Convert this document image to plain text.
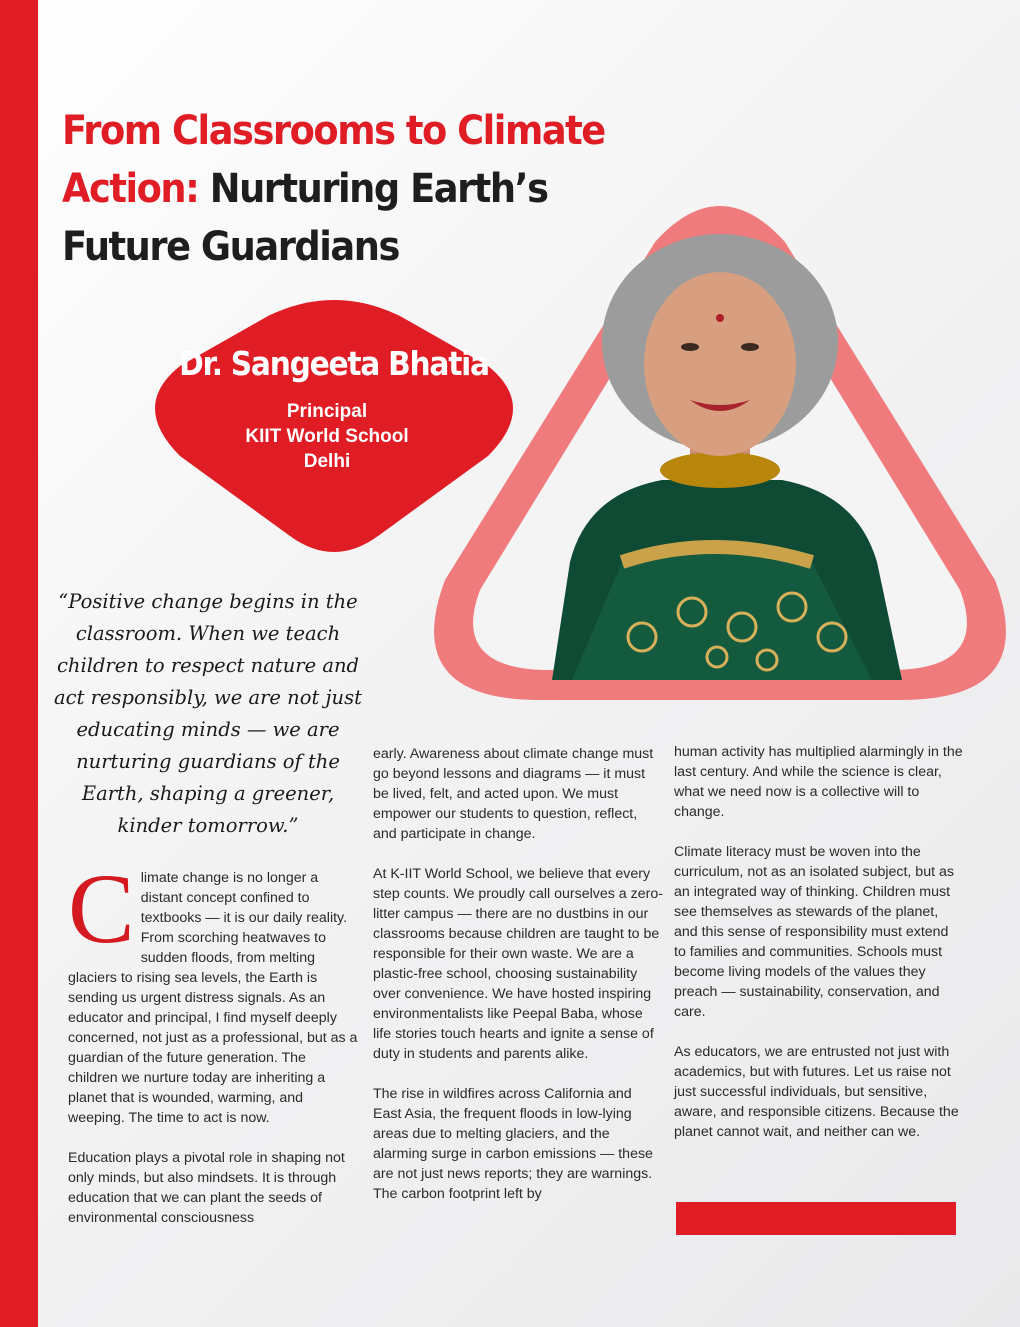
From Classrooms to Climate Action: Nurturing Earth’s Future Guardians
Dr. Sangeeta Bhatia
Principal
KIIT World School
Delhi

“Positive change begins in the classroom. When we teach children to respect nature and act responsibly, we are not just educating minds — we are nurturing guardians of the Earth, shaping a greener, kinder tomorrow.”

Climate change is no longer a distant concept confined to textbooks — it is our daily reality. From scorching heatwaves to sudden floods, from melting glaciers to rising sea levels, the Earth is sending us urgent distress signals. As an educator and principal, I find myself deeply concerned, not just as a professional, but as a guardian of the future generation. The children we nurture today are inheriting a planet that is wounded, warming, and weeping. The time to act is now.

Education plays a pivotal role in shaping not only minds, but also mindsets. It is through education that we can plant the seeds of environmental consciousness

early. Awareness about climate change must go beyond lessons and diagrams — it must be lived, felt, and acted upon. We must empower our students to question, reflect, and participate in change.

At K-IIT World School, we believe that every step counts. We proudly call ourselves a zero-litter campus — there are no dustbins in our classrooms because children are taught to be responsible for their own waste. We are a plastic-free school, choosing sustainability over convenience. We have hosted inspiring environmentalists like Peepal Baba, whose life stories touch hearts and ignite a sense of duty in students and parents alike.

The rise in wildfires across California and East Asia, the frequent floods in low-lying areas due to melting glaciers, and the alarming surge in carbon emissions — these are not just news reports; they are warnings. The carbon footprint left by

human activity has multiplied alarmingly in the last century. And while the science is clear, what we need now is a collective will to change.

Climate literacy must be woven into the curriculum, not as an isolated subject, but as an integrated way of thinking. Children must see themselves as stewards of the planet, and this sense of responsibility must extend to families and communities. Schools must become living models of the values they preach — sustainability, conservation, and care.

As educators, we are entrusted not just with academics, but with futures. Let us raise not just successful individuals, but sensitive, aware, and responsible citizens. Because the planet cannot wait, and neither can we.
